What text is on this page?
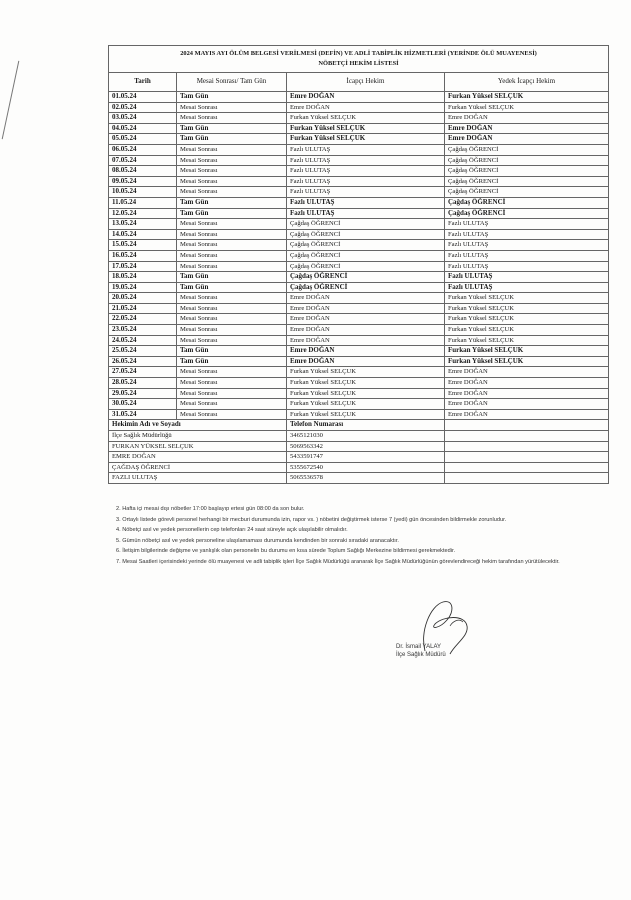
2024 MAYIS AYI ÖLÜM BELGESİ VERİLMESİ (DEFİN) VE ADLİ TABİPLİK HİZMETLERİ (YERİNDE ÖLÜ MUAYENESİ)
NÖBETÇİ HEKİM LİSTESİ			
Tarih	Mesai Sonrası/ Tam Gün	İcapçı Hekim	Yedek İcapçı Hekim
01.05.24	Tam Gün	Emre DOĞAN	Furkan Yüksel SELÇUK
02.05.24	Mesai Sonrası	Emre DOĞAN	Furkan Yüksel SELÇUK
03.05.24	Mesai Sonrası	Furkan Yüksel SELÇUK	Emre DOĞAN
04.05.24	Tam Gün	Furkan Yüksel SELÇUK	Emre DOĞAN
05.05.24	Tam Gün	Furkan Yüksel SELÇUK	Emre DOĞAN
06.05.24	Mesai Sonrası	Fazlı ULUTAŞ	Çağdaş ÖĞRENCİ
07.05.24	Mesai Sonrası	Fazlı ULUTAŞ	Çağdaş ÖĞRENCİ
08.05.24	Mesai Sonrası	Fazlı ULUTAŞ	Çağdaş ÖĞRENCİ
09.05.24	Mesai Sonrası	Fazlı ULUTAŞ	Çağdaş ÖĞRENCİ
10.05.24	Mesai Sonrası	Fazlı ULUTAŞ	Çağdaş ÖĞRENCİ
11.05.24	Tam Gün	Fazlı ULUTAŞ	Çağdaş ÖĞRENCİ
12.05.24	Tam Gün	Fazlı ULUTAŞ	Çağdaş ÖĞRENCİ
13.05.24	Mesai Sonrası	Çağdaş ÖĞRENCİ	Fazlı ULUTAŞ
14.05.24	Mesai Sonrası	Çağdaş ÖĞRENCİ	Fazlı ULUTAŞ
15.05.24	Mesai Sonrası	Çağdaş ÖĞRENCİ	Fazlı ULUTAŞ
16.05.24	Mesai Sonrası	Çağdaş ÖĞRENCİ	Fazlı ULUTAŞ
17.05.24	Mesai Sonrası	Çağdaş ÖĞRENCİ	Fazlı ULUTAŞ
18.05.24	Tam Gün	Çağdaş ÖĞRENCİ	Fazlı ULUTAŞ
19.05.24	Tam Gün	Çağdaş ÖĞRENCİ	Fazlı ULUTAŞ
20.05.24	Mesai Sonrası	Emre DOĞAN	Furkan Yüksel SELÇUK
21.05.24	Mesai Sonrası	Emre DOĞAN	Furkan Yüksel SELÇUK
22.05.24	Mesai Sonrası	Emre DOĞAN	Furkan Yüksel SELÇUK
23.05.24	Mesai Sonrası	Emre DOĞAN	Furkan Yüksel SELÇUK
24.05.24	Mesai Sonrası	Emre DOĞAN	Furkan Yüksel SELÇUK
25.05.24	Tam Gün	Emre DOĞAN	Furkan Yüksel SELÇUK
26.05.24	Tam Gün	Emre DOĞAN	Furkan Yüksel SELÇUK
27.05.24	Mesai Sonrası	Furkan Yüksel SELÇUK	Emre DOĞAN
28.05.24	Mesai Sonrası	Furkan Yüksel SELÇUK	Emre DOĞAN
29.05.24	Mesai Sonrası	Furkan Yüksel SELÇUK	Emre DOĞAN
30.05.24	Mesai Sonrası	Furkan Yüksel SELÇUK	Emre DOĞAN
31.05.24	Mesai Sonrası	Furkan Yüksel SELÇUK	Emre DOĞAN
Hekimin Adı ve Soyadı		Telefon Numarası	
İlçe Sağlık Müdürlüğü		3465121030	
FURKAN YÜKSEL SELÇUK		5069563342	
EMRE DOĞAN		5433591747	
ÇAĞDAŞ ÖĞRENCİ		5355672540	
FAZLI ULUTAŞ		5065536578	

2. Hafta içi mesai dışı nöbetler 17:00 başlayıp ertesi gün 08:00 da son bulur.

3. Ortaylı listede görevli personel herhangi bir mecburi durumunda izin, rapor vs. ) nöbetini değiştirmek isterse 7 (yedi) gün öncesinden bildirmekle zorunludur.

4. Nöbetçi asıl ve yedek personellerin cep telefonları 24 saat süreyle açık ulaşılabilir olmalıdır.

5. Gümün nöbetçi asıl ve yedek personeline ulaşılamaması durumunda kendinden bir sonraki sıradaki aranacaktır.

6. İletişim bilgilerinde değişme ve yanlışlık olan personelin bu durumu en kısa sürede Toplum Sağlığı Merkezine bildirmesi gerekmektedir.

7. Mesai Saatleri içerisindeki yerinde ölü muayenesi ve adli tabiplik işleri İlçe Sağlık Müdürlüğü aranarak İlçe Sağlık Müdürlüğünün görevlendireceği hekim tarafından yürütülecektir.

Dr. İsmail YALAY
İlçe Sağlık Müdürü
